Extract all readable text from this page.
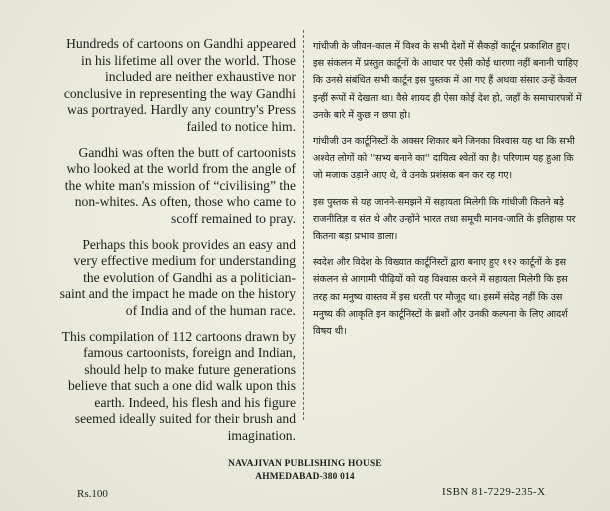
Hundreds of cartoons on Gandhi appeared in his lifetime all over the world. Those included are neither exhaustive nor conclusive in representing the way Gandhi was portrayed. Hardly any country's Press failed to notice him.

Gandhi was often the butt of cartoonists who looked at the world from the angle of the white man's mission of “civilising” the non-whites. As often, those who came to scoff remained to pray.

Perhaps this book provides an easy and very effective medium for understanding the evolution of Gandhi as a politician-saint and the impact he made on the history of India and of the human race.

This compilation of 112 cartoons drawn by famous cartoonists, foreign and Indian, should help to make future generations believe that such a one did walk upon this earth. Indeed, his flesh and his figure seemed ideally suited for their brush and imagination.

गांधीजी के जीवन-काल में विश्व के सभी देशों में सैकड़ों कार्टून प्रकाशित हुए। इस संकलन में प्रस्तुत कार्टूनों के आधार पर ऐसी कोई धारणा नहीं बनानी चाहिए कि उनसे संबंधित सभी कार्टून इस पुस्तक में आ गए हैं अथवा संसार उन्हें केवल इन्हीं रूपों में देखता था। वैसे शायद ही ऐसा कोई देश हो, जहाँ के समाचारपत्रों में उनके बारे में कुछ न छपा हो।

गांधीजी उन कार्टूनिस्टों के अक्सर शिकार बने जिनका विश्वास यह था कि सभी अश्वेत लोगों को ''सभ्य बनाने का'' दायित्व श्वेतों का है। परिणाम यह हुआ कि जो मजाक उड़ाने आए थे, वे उनके प्रशंसक बन कर रह गए।

इस पुस्तक से यह जानने-समझने में सहायता मिलेगी कि गांधीजी कितने बड़े राजनीतिज्ञ व संत थे और उन्होंने भारत तथा समूची मानव-जाति के इतिहास पर कितना बड़ा प्रभाव डाला।

स्वदेश और विदेश के विख्यात कार्टूनिस्टों द्वारा बनाए हुए ११२ कार्टूनों के इस संकलन से आगामी पीढ़ियों को यह विश्वास करने में सहायता मिलेगी कि इस तरह का मनुष्य वास्तव में इस धरती पर मौजूद था। इसमें संदेह नहीं कि उस मनुष्य की आकृति इन कार्टूनिस्टों के ब्रशों और उनकी कल्पना के लिए आदर्श विषय थी।

NAVAJIVAN PUBLISHING HOUSE
AHMEDABAD-380 014
Rs.100	ISBN 81-7229-235-X
